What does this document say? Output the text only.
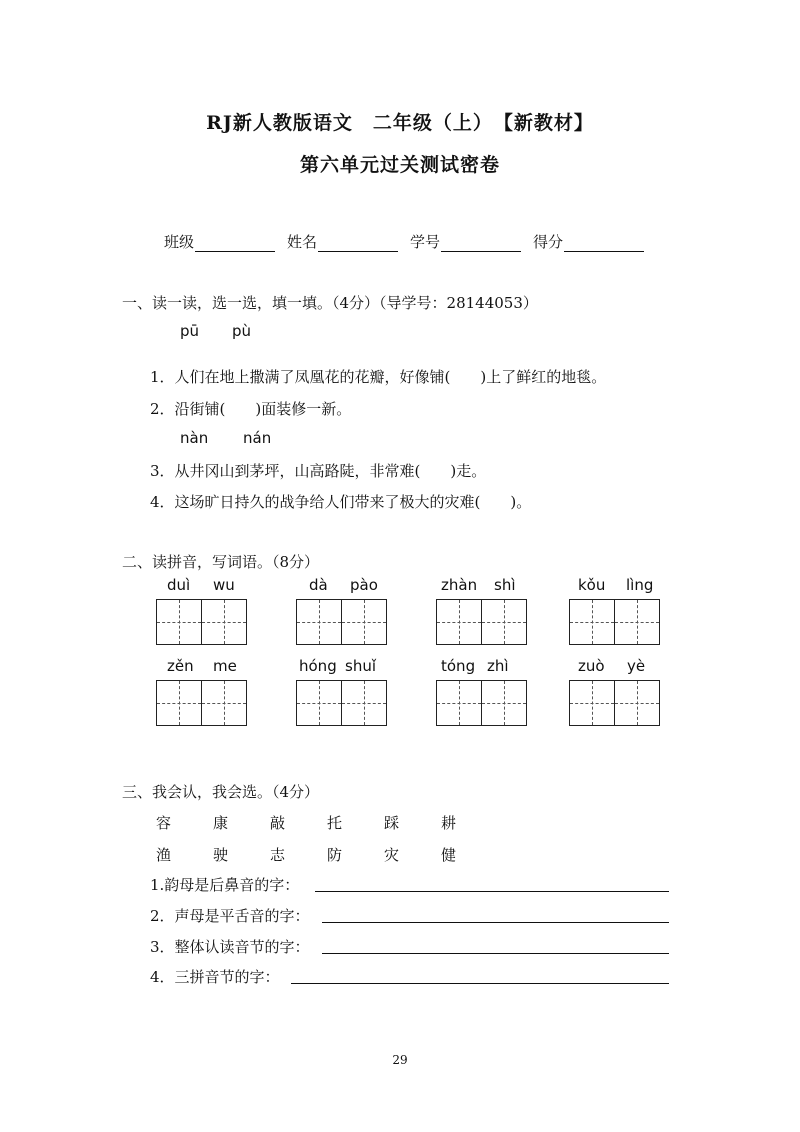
RJ新人教版语文　二年级（上）　【新教材】
第六单元过关测试密卷
班级	姓名	学号	得分
一、读一读，选一选，填一填。（4分）（导学号：28144053）
pū pù
1．人们在地上撒满了凤凰花的花瓣，好像铺( )上了鲜红的地毯。
2．沿街铺( )面装修一新。
nàn nán
3．从井冈山到茅坪，山高路陡，非常难( )走。
4．这场旷日持久的战争给人们带来了极大的灾难( )。
二、读拼音，写词语。（8分）
duì wu	dà pào	zhàn shì	kǒu lìng
zěn me	hóng shuǐ	tóng zhì	zuò yè
三、我会认，我会选。（4分）
容	康	敲	托	踩	耕
渔	驶	志	防	灾	健
1.韵母是后鼻音的字：
2．声母是平舌音的字：
3．整体认读音节的字：
4．三拼音节的字：
29
